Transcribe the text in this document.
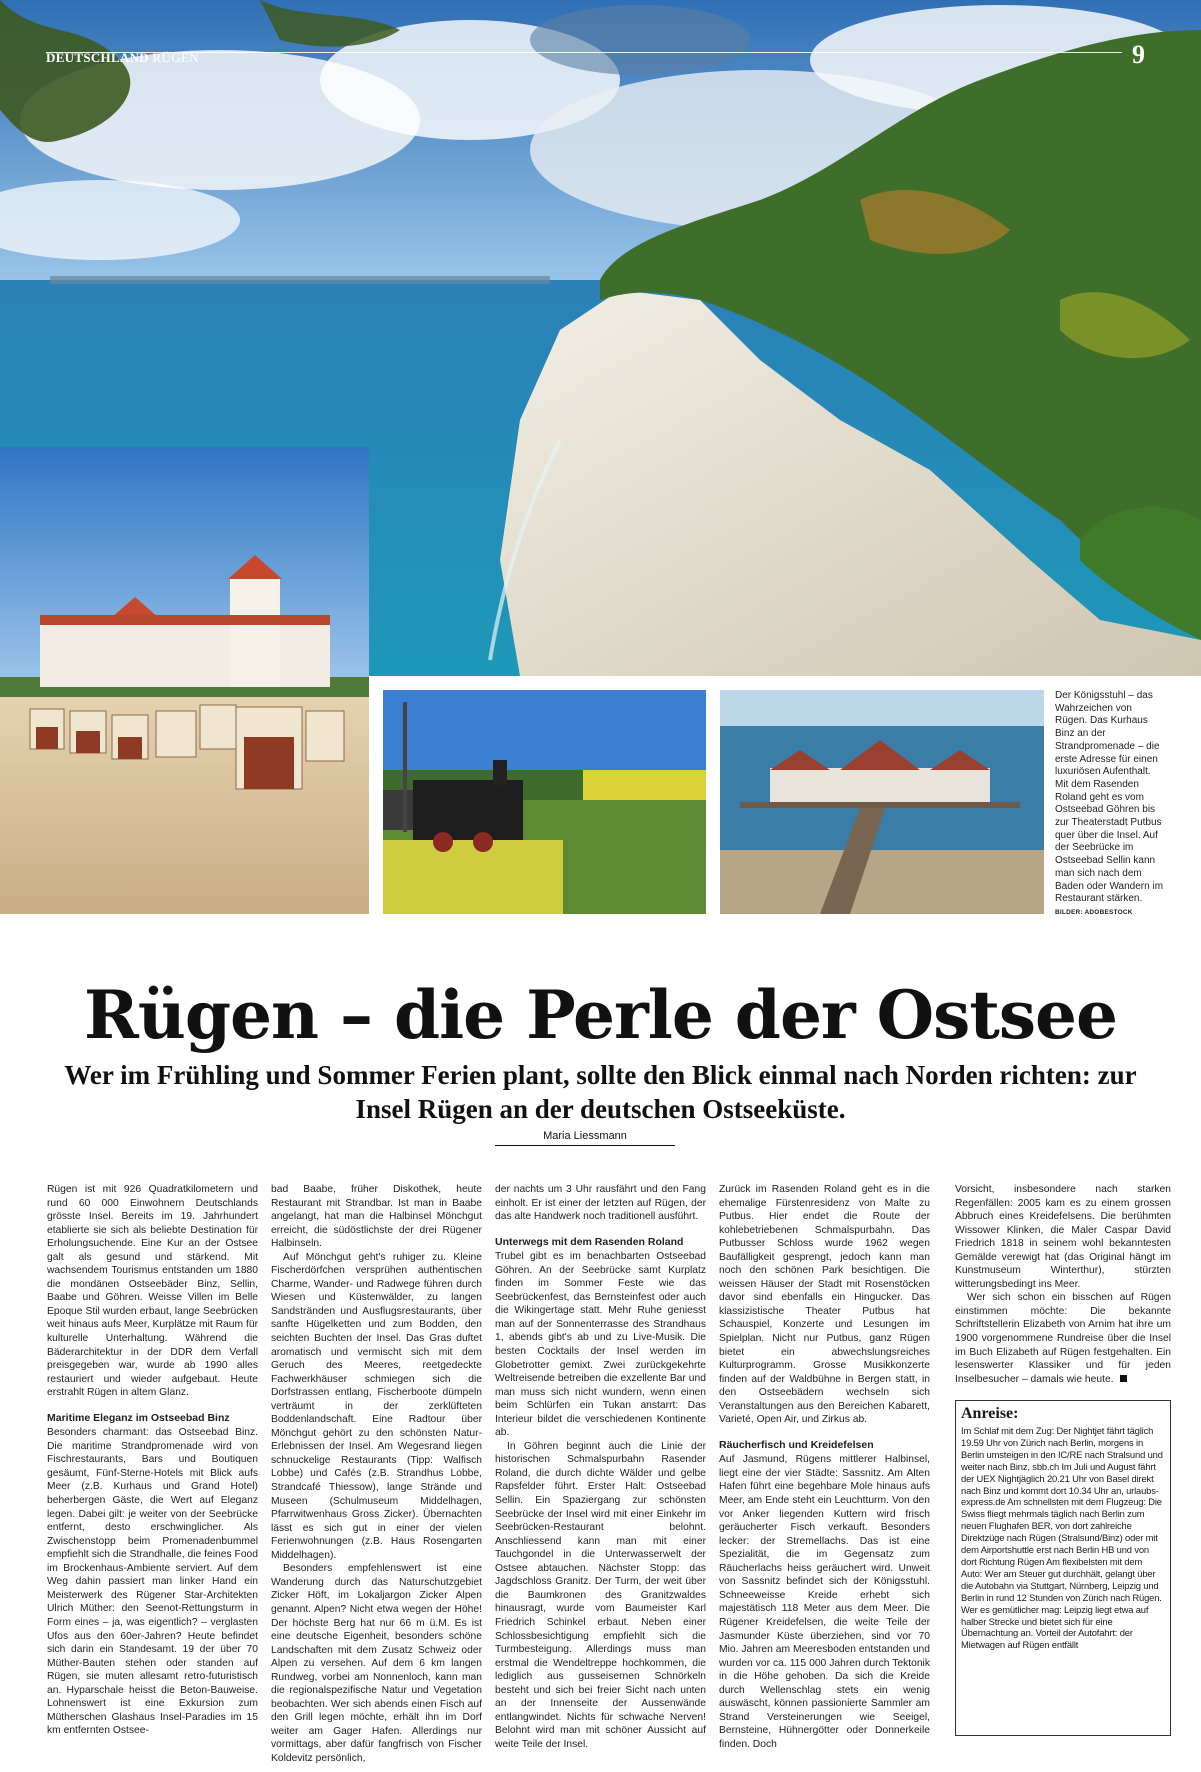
DEUTSCHLAND RÜGEN	9
Der Königsstuhl – das Wahrzeichen von Rügen. Das Kurhaus Binz an der Strandpromenade – die erste Adresse für einen luxuriösen Aufenthalt. Mit dem Rasenden Roland geht es vom Ostseebad Göhren bis zur Theaterstadt Putbus quer über die Insel. Auf der Seebrücke im Ostseebad Sellin kann man sich nach dem Baden oder Wandern im Restaurant stärken.
BILDER: ADOBESTOCK
Rügen – die Perle der Ostsee
Wer im Frühling und Sommer Ferien plant, sollte den Blick einmal nach Norden richten: zur Insel Rügen an der deutschen Ostseeküste.
Maria Liessmann

Rügen ist mit 926 Quadratkilometern und rund 60 000 Einwohnern Deutschlands grösste Insel. Bereits im 19. Jahrhundert etablierte sie sich als beliebte Destination für Erholungsuchende. Eine Kur an der Ostsee galt als gesund und stärkend. Mit wachsendem Tourismus entstanden um 1880 die mondänen Ostseebäder Binz, Sellin, Baabe und Göhren. Weisse Villen im Belle Epoque Stil wurden erbaut, lange Seebrücken weit hinaus aufs Meer, Kurplätze mit Raum für kulturelle Unterhaltung. Während die Bäderarchitektur in der DDR dem Verfall preisgegeben war, wurde ab 1990 alles restauriert und wieder aufgebaut. Heute erstrahlt Rügen in altem Glanz.

Maritime Eleganz im Ostseebad Binz

Besonders charmant: das Ostseebad Binz. Die maritime Strandpromenade wird von Fischrestaurants, Bars und Boutiquen gesäumt, Fünf-Sterne-Hotels mit Blick aufs Meer (z.B. Kurhaus und Grand Hotel) beherbergen Gäste, die Wert auf Eleganz legen. Dabei gilt: je weiter von der Seebrücke entfernt, desto erschwinglicher. Als Zwischenstopp beim Promenadenbummel empfiehlt sich die Strandhalle, die feines Food im Brockenhaus-Ambiente serviert. Auf dem Weg dahin passiert man linker Hand ein Meisterwerk des Rügener Star-Architekten Ulrich Müther: den Seenot-Rettungsturm in Form eines – ja, was eigentlich? – verglasten Ufos aus den 60er-Jahren? Heute befindet sich darin ein Standesamt. 19 der über 70 Müther-Bauten stehen oder standen auf Rügen, sie muten allesamt retro-futuristisch an. Hyparschale heisst die Beton-Bauweise. Lohnenswert ist eine Exkursion zum Mütherschen Glashaus Insel-Paradies im 15 km entfernten Ostsee-

bad Baabe, früher Diskothek, heute Restaurant mit Strandbar. Ist man in Baabe angelangt, hat man die Halbinsel Mönchgut erreicht, die südöstlichste der drei Rügener Halbinseln.

Auf Mönchgut geht's ruhiger zu. Kleine Fischerdörfchen versprühen authentischen Charme, Wander- und Radwege führen durch Wiesen und Küstenwälder, zu langen Sandstränden und Ausflugsrestaurants, über sanfte Hügelketten und zum Bodden, den seichten Buchten der Insel. Das Gras duftet aromatisch und vermischt sich mit dem Geruch des Meeres, reetgedeckte Fachwerkhäuser schmiegen sich die Dorfstrassen entlang, Fischerboote dümpeln verträumt in der zerklüfteten Boddenlandschaft. Eine Radtour über Mönchgut gehört zu den schönsten Natur-Erlebnissen der Insel. Am Wegesrand liegen schnuckelige Restaurants (Tipp: Walfisch Lobbe) und Cafés (z.B. Strandhus Lobbe, Strandcafé Thiessow), lange Strände und Museen (Schulmuseum Middelhagen, Pfarrwitwenhaus Gross Zicker). Übernachten lässt es sich gut in einer der vielen Ferienwohnungen (z.B. Haus Rosengarten Middelhagen).

Besonders empfehlenswert ist eine Wanderung durch das Naturschutzgebiet Zicker Höft, im Lokaljargon Zicker Alpen genannt. Alpen? Nicht etwa wegen der Höhe! Der höchste Berg hat nur 66 m ü.M. Es ist eine deutsche Eigenheit, besonders schöne Landschaften mit dem Zusatz Schweiz oder Alpen zu versehen. Auf dem 6 km langen Rundweg, vorbei am Nonnenloch, kann man die regionalspezifische Natur und Vegetation beobachten. Wer sich abends einen Fisch auf den Grill legen möchte, erhält ihn im Dorf weiter am Gager Hafen. Allerdings nur vormittags, aber dafür fangfrisch von Fischer Koldevitz persönlich,

der nachts um 3 Uhr rausfährt und den Fang einholt. Er ist einer der letzten auf Rügen, der das alte Handwerk noch traditionell ausführt.

Unterwegs mit dem Rasenden Roland

Trubel gibt es im benachbarten Ostseebad Göhren. An der Seebrücke samt Kurplatz finden im Sommer Feste wie das Seebrückenfest, das Bernsteinfest oder auch die Wikingertage statt. Mehr Ruhe geniesst man auf der Sonnenterrasse des Strandhaus 1, abends gibt's ab und zu Live-Musik. Die besten Cocktails der Insel werden im Globetrotter gemixt. Zwei zurückgekehrte Weltreisende betreiben die exzellente Bar und man muss sich nicht wundern, wenn einen beim Schlürfen ein Tukan anstarrt: Das Interieur bildet die verschiedenen Kontinente ab.

In Göhren beginnt auch die Linie der historischen Schmalspurbahn Rasender Roland, die durch dichte Wälder und gelbe Rapsfelder führt. Erster Halt: Ostseebad Sellin. Ein Spaziergang zur schönsten Seebrücke der Insel wird mit einer Einkehr im Seebrücken-Restaurant belohnt. Anschliessend kann man mit einer Tauchgondel in die Unterwasserwelt der Ostsee abtauchen. Nächster Stopp: das Jagdschloss Granitz. Der Turm, der weit über die Baumkronen des Granitzwaldes hinausragt, wurde vom Baumeister Karl Friedrich Schinkel erbaut. Neben einer Schlossbesichtigung empfiehlt sich die Turmbesteigung. Allerdings muss man erstmal die Wendeltreppe hochkommen, die lediglich aus gusseisernen Schnörkeln besteht und sich bei freier Sicht nach unten an der Innenseite der Aussenwände entlangwindet. Nichts für schwache Nerven! Belohnt wird man mit schöner Aussicht auf weite Teile der Insel.

Zurück im Rasenden Roland geht es in die ehemalige Fürstenresidenz von Malte zu Putbus. Hier endet die Route der kohlebetriebenen Schmalspurbahn. Das Putbusser Schloss wurde 1962 wegen Baufälligkeit gesprengt, jedoch kann man noch den schönen Park besichtigen. Die weissen Häuser der Stadt mit Rosenstöcken davor sind ebenfalls ein Hingucker. Das klassizistische Theater Putbus hat Schauspiel, Konzerte und Lesungen im Spielplan. Nicht nur Putbus, ganz Rügen bietet ein abwechslungsreiches Kulturprogramm. Grosse Musikkonzerte finden auf der Waldbühne in Bergen statt, in den Ostseebädern wechseln sich Veranstaltungen aus den Bereichen Kabarett, Varieté, Open Air, und Zirkus ab.

Räucherfisch und Kreidefelsen

Auf Jasmund, Rügens mittlerer Halbinsel, liegt eine der vier Städte: Sassnitz. Am Alten Hafen führt eine begehbare Mole hinaus aufs Meer, am Ende steht ein Leuchtturm. Von den vor Anker liegenden Kuttern wird frisch geräucherter Fisch verkauft. Besonders lecker: der Stremellachs. Das ist eine Spezialität, die im Gegensatz zum Räucherlachs heiss geräuchert wird. Unweit von Sassnitz befindet sich der Königsstuhl. Schneeweisse Kreide erhebt sich majestätisch 118 Meter aus dem Meer. Die Rügener Kreidefelsen, die weite Teile der Jasmunder Küste überziehen, sind vor 70 Mio. Jahren am Meeresboden entstanden und wurden vor ca. 115 000 Jahren durch Tektonik in die Höhe gehoben. Da sich die Kreide durch Wellenschlag stets ein wenig auswäscht, können passionierte Sammler am Strand Versteinerungen wie Seeigel, Bernsteine, Hühnergötter oder Donnerkeile finden. Doch

Vorsicht, insbesondere nach starken Regenfällen: 2005 kam es zu einem grossen Abbruch eines Kreidefelsens. Die berühmten Wissower Klinken, die Maler Caspar David Friedrich 1818 in seinem wohl bekanntesten Gemälde verewigt hat (das Original hängt im Kunstmuseum Winterthur), stürzten witterungsbedingt ins Meer.

Wer sich schon ein bisschen auf Rügen einstimmen möchte: Die bekannte Schriftstellerin Elizabeth von Arnim hat ihre um 1900 vorgenommene Rundreise über die Insel im Buch Elizabeth auf Rügen festgehalten. Ein lesenswerter Klassiker und für jeden Inselbesucher – damals wie heute.

Anreise:

Im Schlaf mit dem Zug: Der Nightjet fährt täglich 19.59 Uhr von Zürich nach Berlin, morgens in Berlin umsteigen in den IC/RE nach Stralsund und weiter nach Binz, sbb.ch Im Juli und August fährt der UEX Nightjäglich 20.21 Uhr von Basel direkt nach Binz und kommt dort 10.34 Uhr an, urlaubs-express.de Am schnellsten mit dem Flugzeug: Die Swiss fliegt mehrmals täglich nach Berlin zum neuen Flughafen BER, von dort zahlreiche Direktzüge nach Rügen (Stralsund/Binz) oder mit dem Airportshuttle erst nach Berlin HB und von dort Richtung Rügen Am flexibelsten mit dem Auto: Wer am Steuer gut durchhält, gelangt über die Autobahn via Stuttgart, Nürnberg, Leipzig und Berlin in rund 12 Stunden von Zürich nach Rügen. Wer es gemütlicher mag: Leipzig liegt etwa auf halber Strecke und bietet sich für eine Übernachtung an. Vorteil der Autofahrt: der Mietwagen auf Rügen entfällt
